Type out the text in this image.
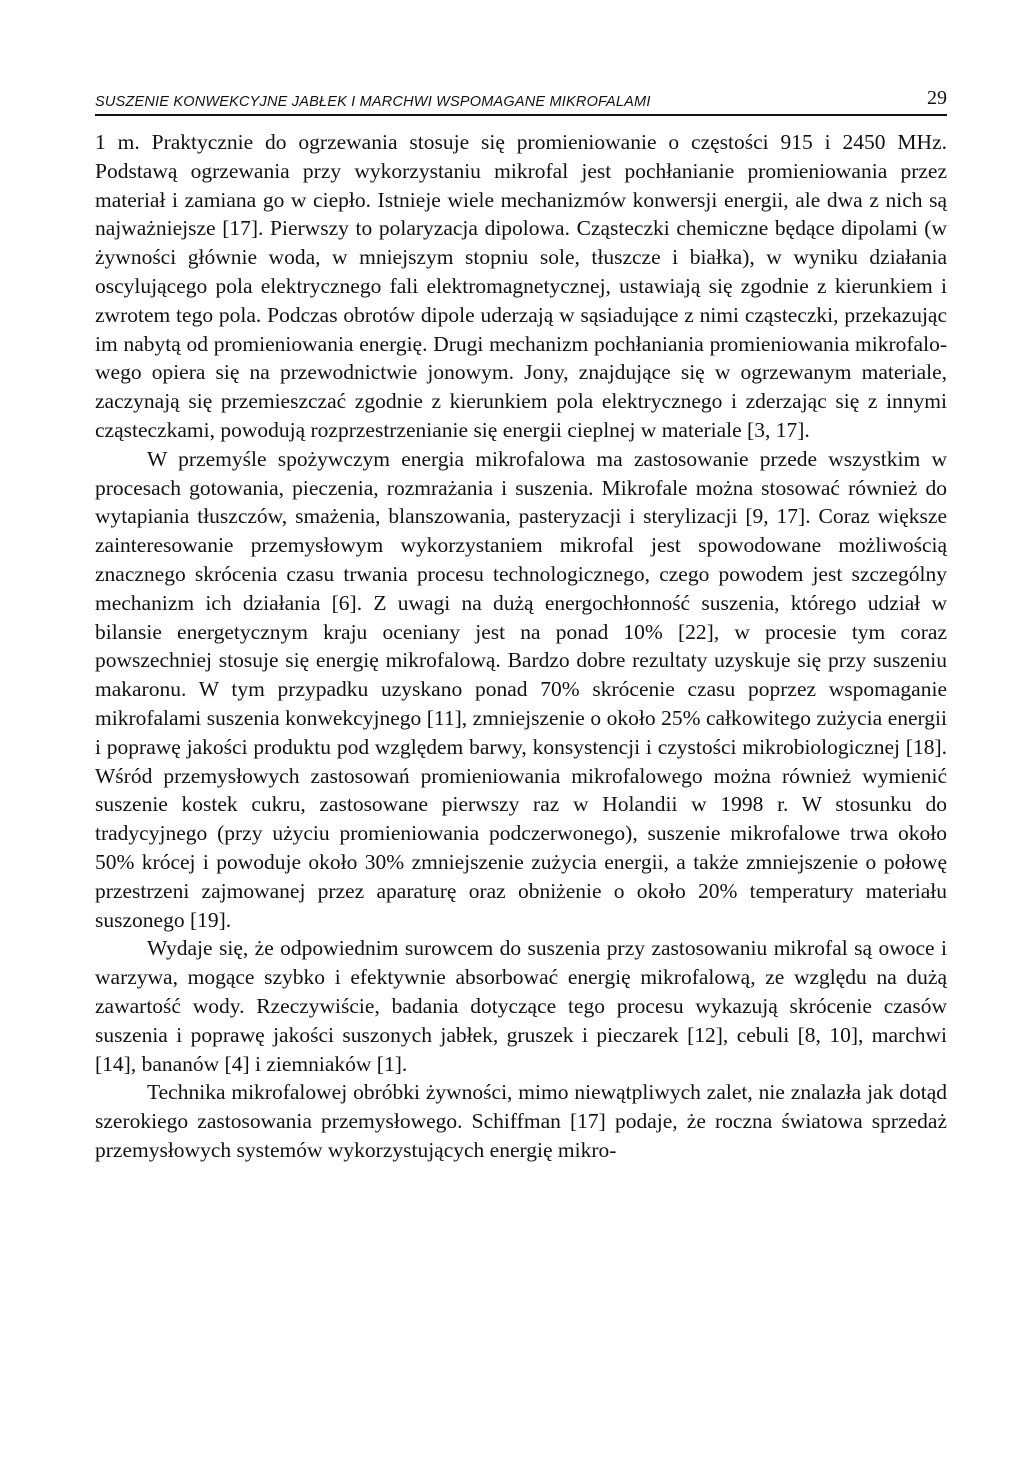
SUSZENIE KONWEKCYJNE JABŁEK I MARCHWI WSPOMAGANE MIKROFALAMI	29

1 m. Praktycznie do ogrzewania stosuje się promieniowanie o częstości 915 i 2450 MHz. Podstawą ogrzewania przy wykorzystaniu mikrofal jest pochłanianie promieniowania przez materiał i zamiana go w ciepło. Istnieje wiele mechanizmów konwersji energii, ale dwa z nich są najważniejsze [17]. Pierwszy to polaryzacja dipolowa. Cząsteczki chemiczne będące dipolami (w żywności głównie woda, w mniejszym stopniu sole, tłuszcze i białka), w wyniku działania oscylującego pola elektrycznego fali elektromagnetycznej, ustawiają się zgodnie z kierunkiem i zwrotem tego pola. Podczas obrotów dipole uderzają w sąsiadujące z nimi cząsteczki, przekazując im nabytą od promieniowania energię. Drugi mechanizm pochłaniania promieniowania mikrofalowego opiera się na przewodnictwie jonowym. Jony, znajdujące się w ogrzewanym materiale, zaczynają się przemieszczać zgodnie z kierunkiem pola elektrycznego i zderzając się z innymi cząsteczkami, powodują rozprzestrzenianie się energii cieplnej w materiale [3, 17].

W przemyśle spożywczym energia mikrofalowa ma zastosowanie przede wszystkim w procesach gotowania, pieczenia, rozmrażania i suszenia. Mikrofale można stosować również do wytapiania tłuszczów, smażenia, blanszowania, pasteryzacji i sterylizacji [9, 17]. Coraz większe zainteresowanie przemysłowym wykorzystaniem mikrofal jest spowodowane możliwością znacznego skrócenia czasu trwania procesu technologicznego, czego powodem jest szczególny mechanizm ich działania [6]. Z uwagi na dużą energochłonność suszenia, którego udział w bilansie energetycznym kraju oceniany jest na ponad 10% [22], w procesie tym coraz powszechniej stosuje się energię mikrofalową. Bardzo dobre rezultaty uzyskuje się przy suszeniu makaronu. W tym przypadku uzyskano ponad 70% skrócenie czasu poprzez wspomaganie mikrofalami suszenia konwekcyjnego [11], zmniejszenie o około 25% całkowitego zużycia energii i poprawę jakości produktu pod względem barwy, konsystencji i czystości mikrobiologicznej [18]. Wśród przemysłowych zastosowań promieniowania mikrofalowego można również wymienić suszenie kostek cukru, zastosowane pierwszy raz w Holandii w 1998 r. W stosunku do tradycyjnego (przy użyciu promieniowania podczerwonego), suszenie mikrofalowe trwa około 50% krócej i powoduje około 30% zmniejszenie zużycia energii, a także zmniejszenie o połowę przestrzeni zajmowanej przez aparaturę oraz obniżenie o około 20% temperatury materiału suszonego [19].

Wydaje się, że odpowiednim surowcem do suszenia przy zastosowaniu mikrofal są owoce i warzywa, mogące szybko i efektywnie absorbować energię mikrofalową, ze względu na dużą zawartość wody. Rzeczywiście, badania dotyczące tego procesu wykazują skrócenie czasów suszenia i poprawę jakości suszonych jabłek, gruszek i pieczarek [12], cebuli [8, 10], marchwi [14], bananów [4] i ziemniaków [1].

Technika mikrofalowej obróbki żywności, mimo niewątpliwych zalet, nie znalazła jak dotąd szerokiego zastosowania przemysłowego. Schiffman [17] podaje, że roczna światowa sprzedaż przemysłowych systemów wykorzystujących energię mikro-
